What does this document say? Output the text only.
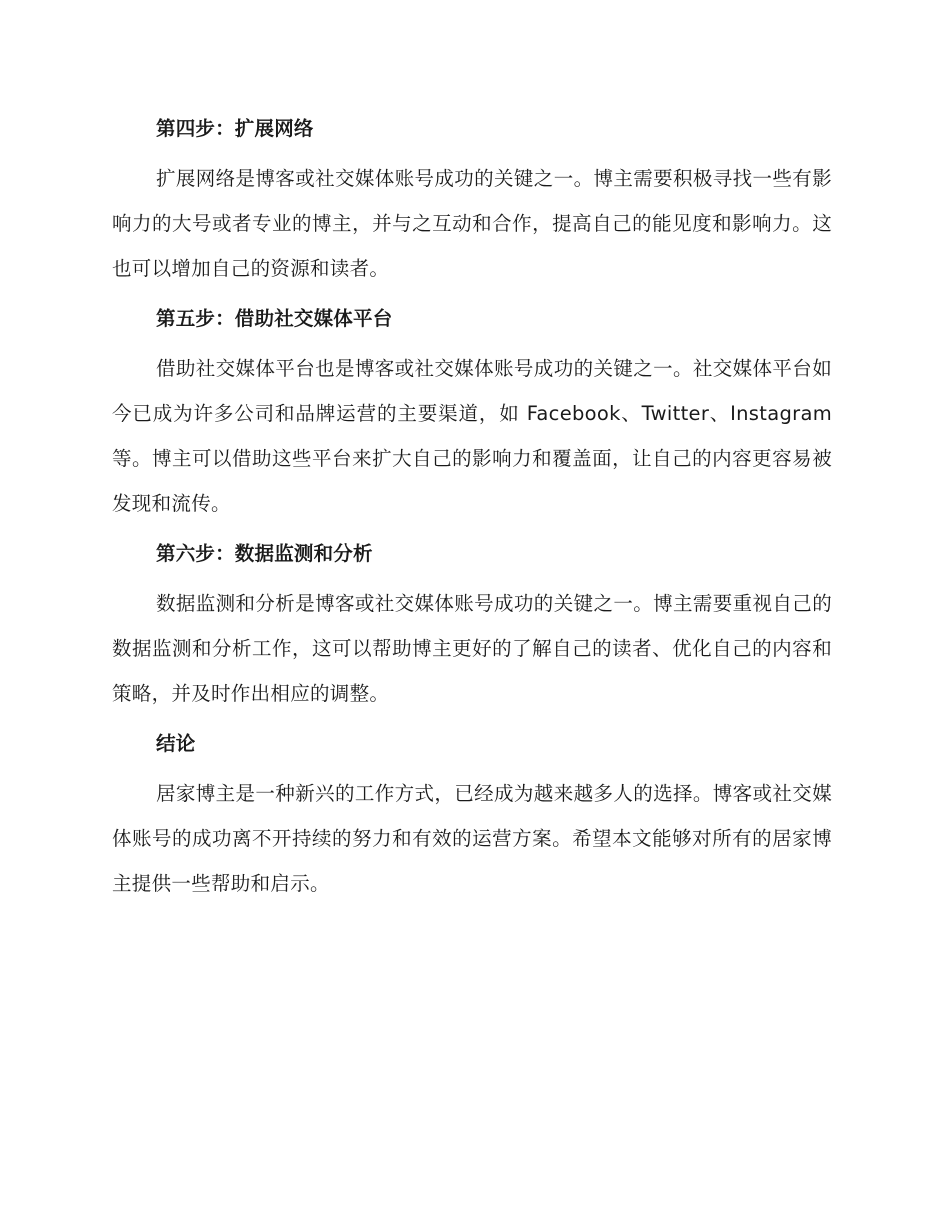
第四步：扩展网络

扩展网络是博客或社交媒体账号成功的关键之一。博主需要积极寻找一些有影响力的大号或者专业的博主，并与之互动和合作，提高自己的能见度和影响力。这也可以增加自己的资源和读者。

第五步：借助社交媒体平台

借助社交媒体平台也是博客或社交媒体账号成功的关键之一。社交媒体平台如今已成为许多公司和品牌运营的主要渠道，如 Facebook、Twitter、Instagram 等。博主可以借助这些平台来扩大自己的影响力和覆盖面，让自己的内容更容易被发现和流传。

第六步：数据监测和分析

数据监测和分析是博客或社交媒体账号成功的关键之一。博主需要重视自己的数据监测和分析工作，这可以帮助博主更好的了解自己的读者、优化自己的内容和策略，并及时作出相应的调整。

结论

居家博主是一种新兴的工作方式，已经成为越来越多人的选择。博客或社交媒体账号的成功离不开持续的努力和有效的运营方案。希望本文能够对所有的居家博主提供一些帮助和启示。
